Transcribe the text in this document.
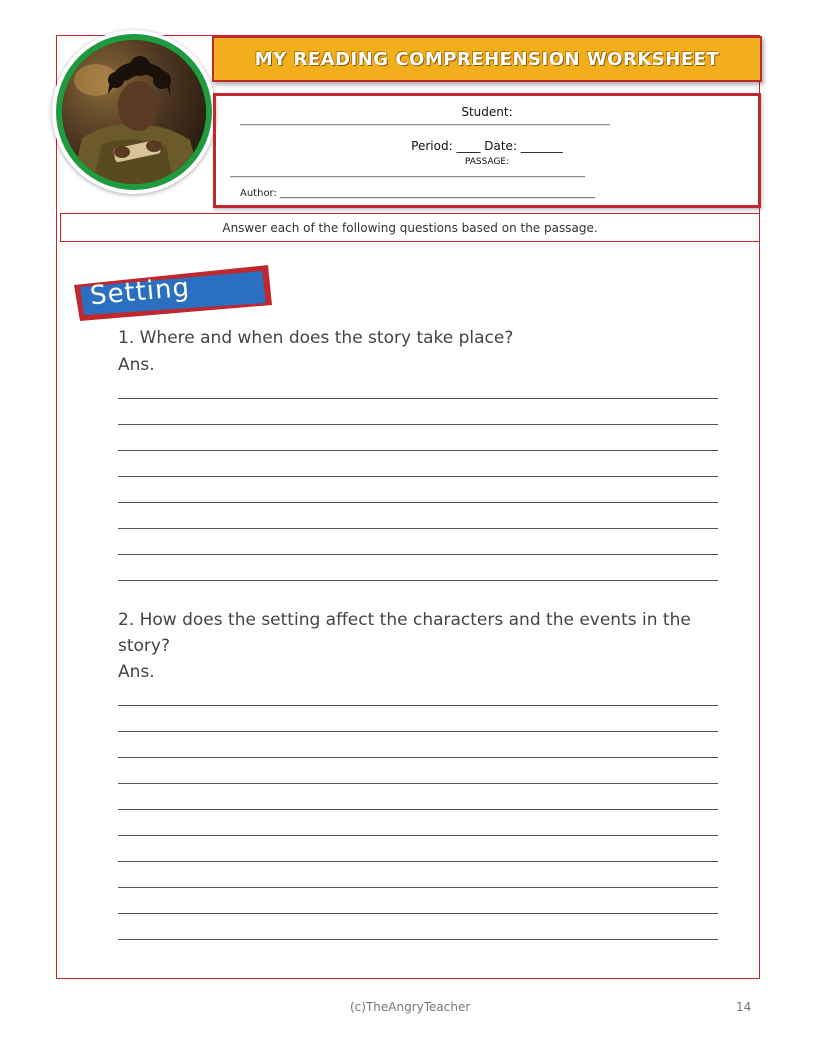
MY READING COMPREHENSION WORKSHEET
Student:
__________________________________________________________________________
Period: ____ Date: _______
PASSAGE:
_______________________________________________________________________
Author: _______________________________________________________________
Answer each of the following questions based on the passage.
Setting
1. Where and when does the story take place?
Ans.
2. How does the setting affect the characters and the events in the
story?
Ans.
(c)TheAngryTeacher	14
